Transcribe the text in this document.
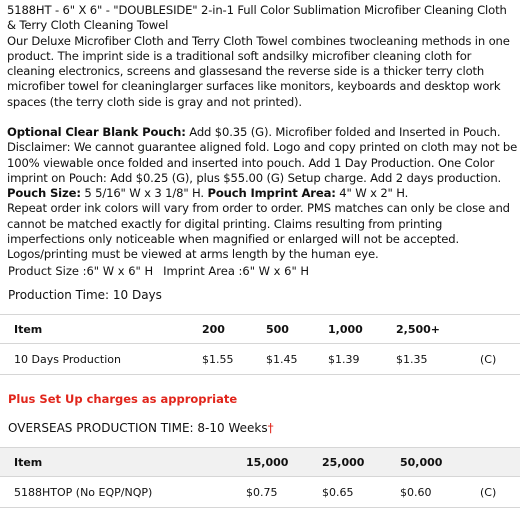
5188HT - 6" X 6" - "DOUBLESIDE" 2-in-1 Full Color Sublimation Microfiber Cleaning Cloth & Terry Cloth Cleaning Towel

Our Deluxe Microfiber Cloth and Terry Cloth Towel combines twocleaning methods in one product. The imprint side is a traditional soft andsilky microfiber cleaning cloth for cleaning electronics, screens and glassesand the reverse side is a thicker terry cloth microfiber towel for cleaninglarger surfaces like monitors, keyboards and desktop work spaces (the terry cloth side is gray and not printed).

Optional Clear Blank Pouch: Add $0.35 (G). Microfiber folded and Inserted in Pouch. Disclaimer: We cannot guarantee aligned fold. Logo and copy printed on cloth may not be 100% viewable once folded and inserted into pouch. Add 1 Day Production. One Color imprint on Pouch: Add $0.25 (G), plus $55.00 (G) Setup charge. Add 2 days production. Pouch Size: 5 5/16" W x 3 1/8" H. Pouch Imprint Area: 4" W x 2" H.

Repeat order ink colors will vary from order to order. PMS matches can only be close and cannot be matched exactly for digital printing. Claims resulting from printing imperfections only noticeable when magnified or enlarged will not be accepted. Logos/printing must be viewed at arms length by the human eye.

Product Size :6" W x 6" H Imprint Area :6" W x 6" H
Production Time: 10 Days
Item	200	500	1,000	2,500+	
10 Days Production	$1.55	$1.45	$1.39	$1.35	(C)
Plus Set Up charges as appropriate
OVERSEAS PRODUCTION TIME: 8-10 Weeks†
Item	15,000	25,000	50,000	
5188HTOP (No EQP/NQP)	$0.75	$0.65	$0.60	(C)
